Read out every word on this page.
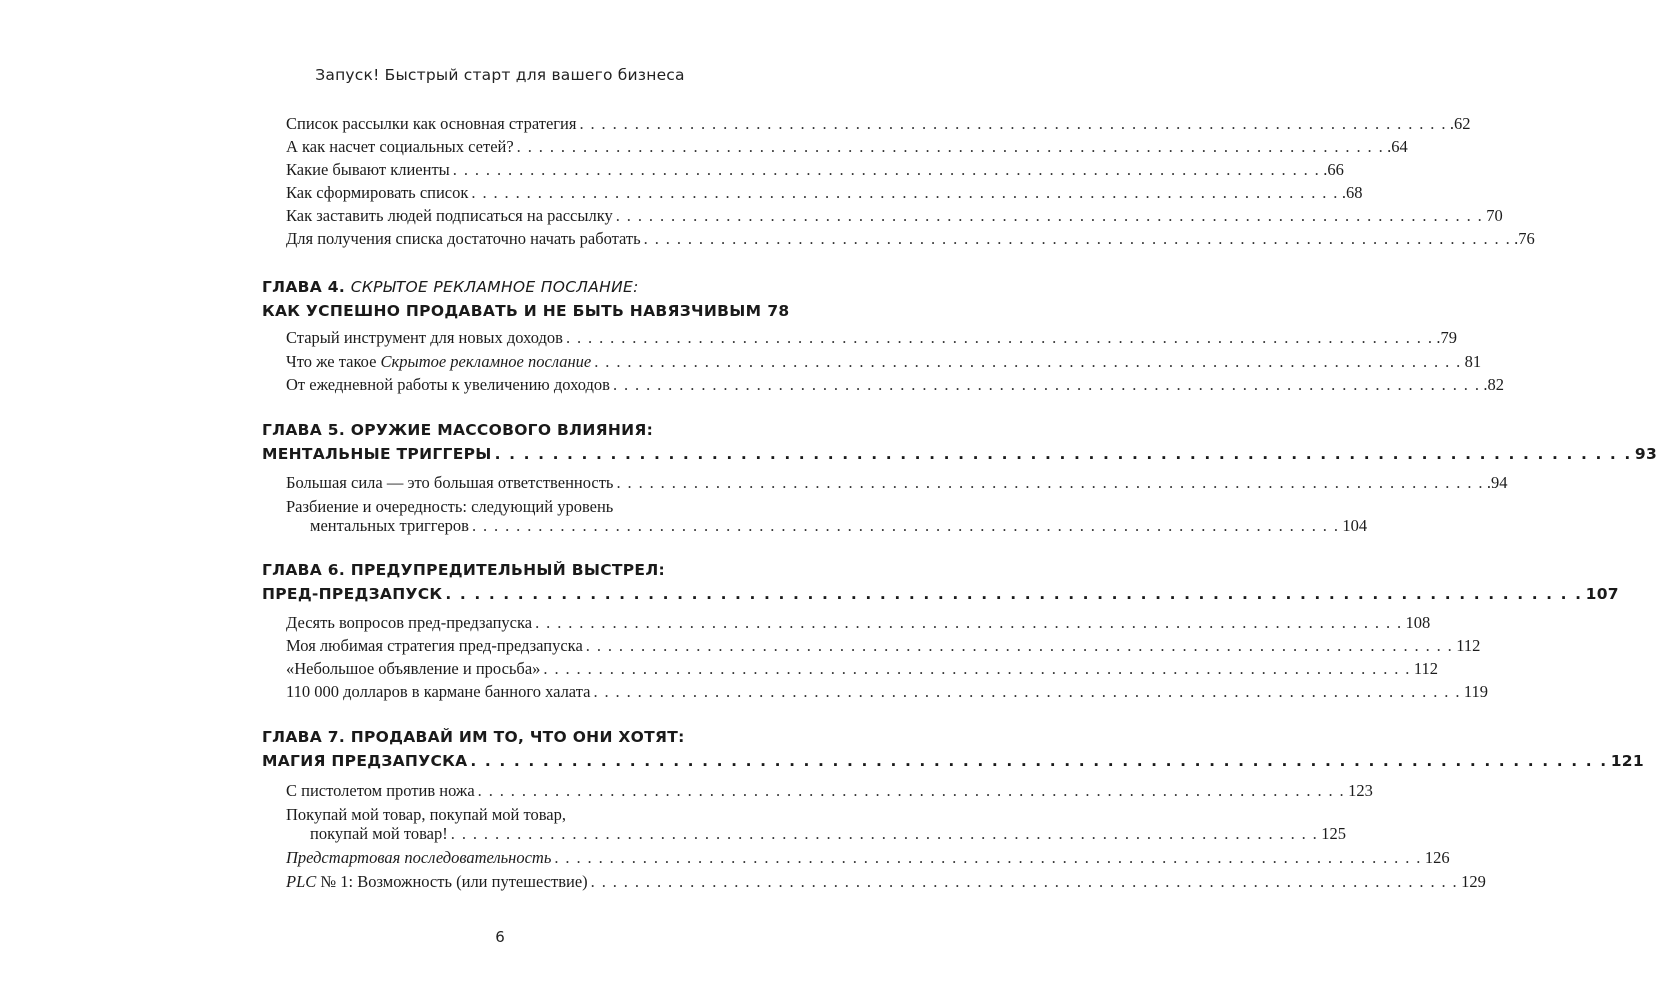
Запуск! Быстрый старт для вашего бизнеса
Список рассылки как основная стратегия . . . . . . . . . . . . . . . . . . . . . . . . . . . . . . . . . . . . . . . . . . . . . . . . . . . . . . . . . . . . . . . . . . . . . . . . . . . . . . . .62
А как насчет социальных сетей? . . . . . . . . . . . . . . . . . . . . . . . . . . . . . . . . . . . . . . . . . . . . . . . . . . . . . . . . . . . . . . . . . . . . . . . . . . . . . . . .64
Какие бывают клиенты . . . . . . . . . . . . . . . . . . . . . . . . . . . . . . . . . . . . . . . . . . . . . . . . . . . . . . . . . . . . . . . . . . . . . . . . . . . . . . . .66
Как сформировать список . . . . . . . . . . . . . . . . . . . . . . . . . . . . . . . . . . . . . . . . . . . . . . . . . . . . . . . . . . . . . . . . . . . . . . . . . . . . . . . .68
Как заставить людей подписаться на рассылку . . . . . . . . . . . . . . . . . . . . . . . . . . . . . . . . . . . . . . . . . . . . . . . . . . . . . . . . . . . . . . . . . . . . . . . . . . . . . . . 70
Для получения списка достаточно начать работать . . . . . . . . . . . . . . . . . . . . . . . . . . . . . . . . . . . . . . . . . . . . . . . . . . . . . . . . . . . . . . . . . . . . . . . . . . . . . . . .76
ГЛАВА 4. СКРЫТОЕ РЕКЛАМНОЕ ПОСЛАНИЕ:
КАК УСПЕШНО ПРОДАВАТЬ И НЕ БЫТЬ НАВЯЗЧИВЫМ 78
Старый инструмент для новых доходов . . . . . . . . . . . . . . . . . . . . . . . . . . . . . . . . . . . . . . . . . . . . . . . . . . . . . . . . . . . . . . . . . . . . . . . . . . . . . . . .79
Что же такое Скрытое рекламное послание . . . . . . . . . . . . . . . . . . . . . . . . . . . . . . . . . . . . . . . . . . . . . . . . . . . . . . . . . . . . . . . . . . . . . . . . . . . . . . . 81
От ежедневной работы к увеличению доходов . . . . . . . . . . . . . . . . . . . . . . . . . . . . . . . . . . . . . . . . . . . . . . . . . . . . . . . . . . . . . . . . . . . . . . . . . . . . . . . .82
ГЛАВА 5. ОРУЖИЕ МАССОВОГО ВЛИЯНИЯ:
МЕНТАЛЬНЫЕ ТРИГГЕРЫ . . . . . . . . . . . . . . . . . . . . . . . . . . . . . . . . . . . . . . . . . . . . . . . . . . . . . . . . . . . . . . . . . . . . . . . . . . . . . . . 93
Большая сила — это большая ответственность . . . . . . . . . . . . . . . . . . . . . . . . . . . . . . . . . . . . . . . . . . . . . . . . . . . . . . . . . . . . . . . . . . . . . . . . . . . . . . . .94
Разбиение и очередность: следующий уровень
ментальных триггеров . . . . . . . . . . . . . . . . . . . . . . . . . . . . . . . . . . . . . . . . . . . . . . . . . . . . . . . . . . . . . . . . . . . . . . . . . . . . . . . 104
ГЛАВА 6. ПРЕДУПРЕДИТЕЛЬНЫЙ ВЫСТРЕЛ:
ПРЕД-ПРЕДЗАПУСК . . . . . . . . . . . . . . . . . . . . . . . . . . . . . . . . . . . . . . . . . . . . . . . . . . . . . . . . . . . . . . . . . . . . . . . . . . . . . . . 107
Десять вопросов пред-предзапуска . . . . . . . . . . . . . . . . . . . . . . . . . . . . . . . . . . . . . . . . . . . . . . . . . . . . . . . . . . . . . . . . . . . . . . . . . . . . . . . 108
Моя любимая стратегия пред-предзапуска . . . . . . . . . . . . . . . . . . . . . . . . . . . . . . . . . . . . . . . . . . . . . . . . . . . . . . . . . . . . . . . . . . . . . . . . . . . . . . . 112
«Небольшое объявление и просьба» . . . . . . . . . . . . . . . . . . . . . . . . . . . . . . . . . . . . . . . . . . . . . . . . . . . . . . . . . . . . . . . . . . . . . . . . . . . . . . . 112
110 000 долларов в кармане банного халата . . . . . . . . . . . . . . . . . . . . . . . . . . . . . . . . . . . . . . . . . . . . . . . . . . . . . . . . . . . . . . . . . . . . . . . . . . . . . . . 119
ГЛАВА 7. ПРОДАВАЙ ИМ ТО, ЧТО ОНИ ХОТЯТ:
МАГИЯ ПРЕДЗАПУСКА . . . . . . . . . . . . . . . . . . . . . . . . . . . . . . . . . . . . . . . . . . . . . . . . . . . . . . . . . . . . . . . . . . . . . . . . . . . . . . . 121
С пистолетом против ножа . . . . . . . . . . . . . . . . . . . . . . . . . . . . . . . . . . . . . . . . . . . . . . . . . . . . . . . . . . . . . . . . . . . . . . . . . . . . . . . 123
Покупай мой товар, покупай мой товар,
покупай мой товар! . . . . . . . . . . . . . . . . . . . . . . . . . . . . . . . . . . . . . . . . . . . . . . . . . . . . . . . . . . . . . . . . . . . . . . . . . . . . . . . 125
Предстартовая последовательность . . . . . . . . . . . . . . . . . . . . . . . . . . . . . . . . . . . . . . . . . . . . . . . . . . . . . . . . . . . . . . . . . . . . . . . . . . . . . . . 126
PLC № 1: Возможность (или путешествие) . . . . . . . . . . . . . . . . . . . . . . . . . . . . . . . . . . . . . . . . . . . . . . . . . . . . . . . . . . . . . . . . . . . . . . . . . . . . . . . 129
6
